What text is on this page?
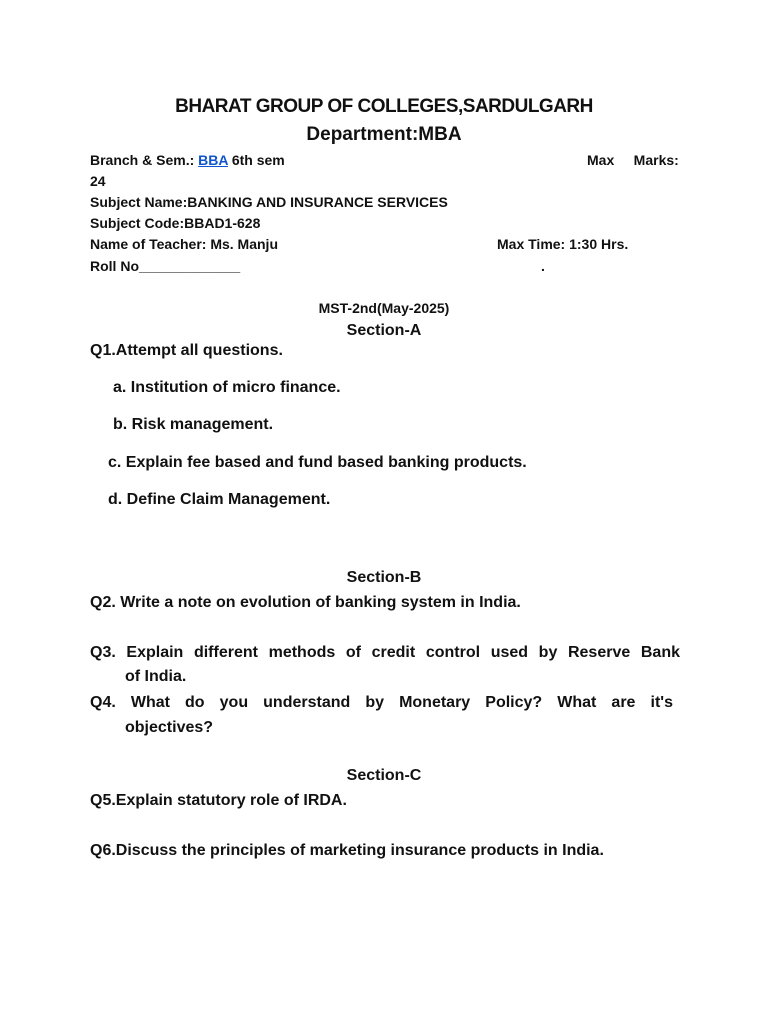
BHARAT GROUP OF COLLEGES,SARDULGARH
Department:MBA
Branch & Sem.: BBA 6th sem	Max     Marks:
24
Subject Name:BANKING AND INSURANCE SERVICES
Subject Code:BBAD1-628
Name of Teacher: Ms. Manju	Max Time: 1:30 Hrs.
Roll No_____________	.
MST-2nd(May-2025)
Section-A
Q1.Attempt all questions.
a. Institution of micro finance.
b. Risk management.
c. Explain fee based and fund based banking products.
d. Define Claim Management.
Section-B
Q2. Write a note on evolution of banking system in India.
Q3. Explain different methods of credit control used by Reserve Bank
of India.
Q4. What do you understand by Monetary Policy? What are it's
objectives?
Section-C
Q5.Explain statutory role of IRDA.
Q6.Discuss the principles of marketing insurance products in India.
